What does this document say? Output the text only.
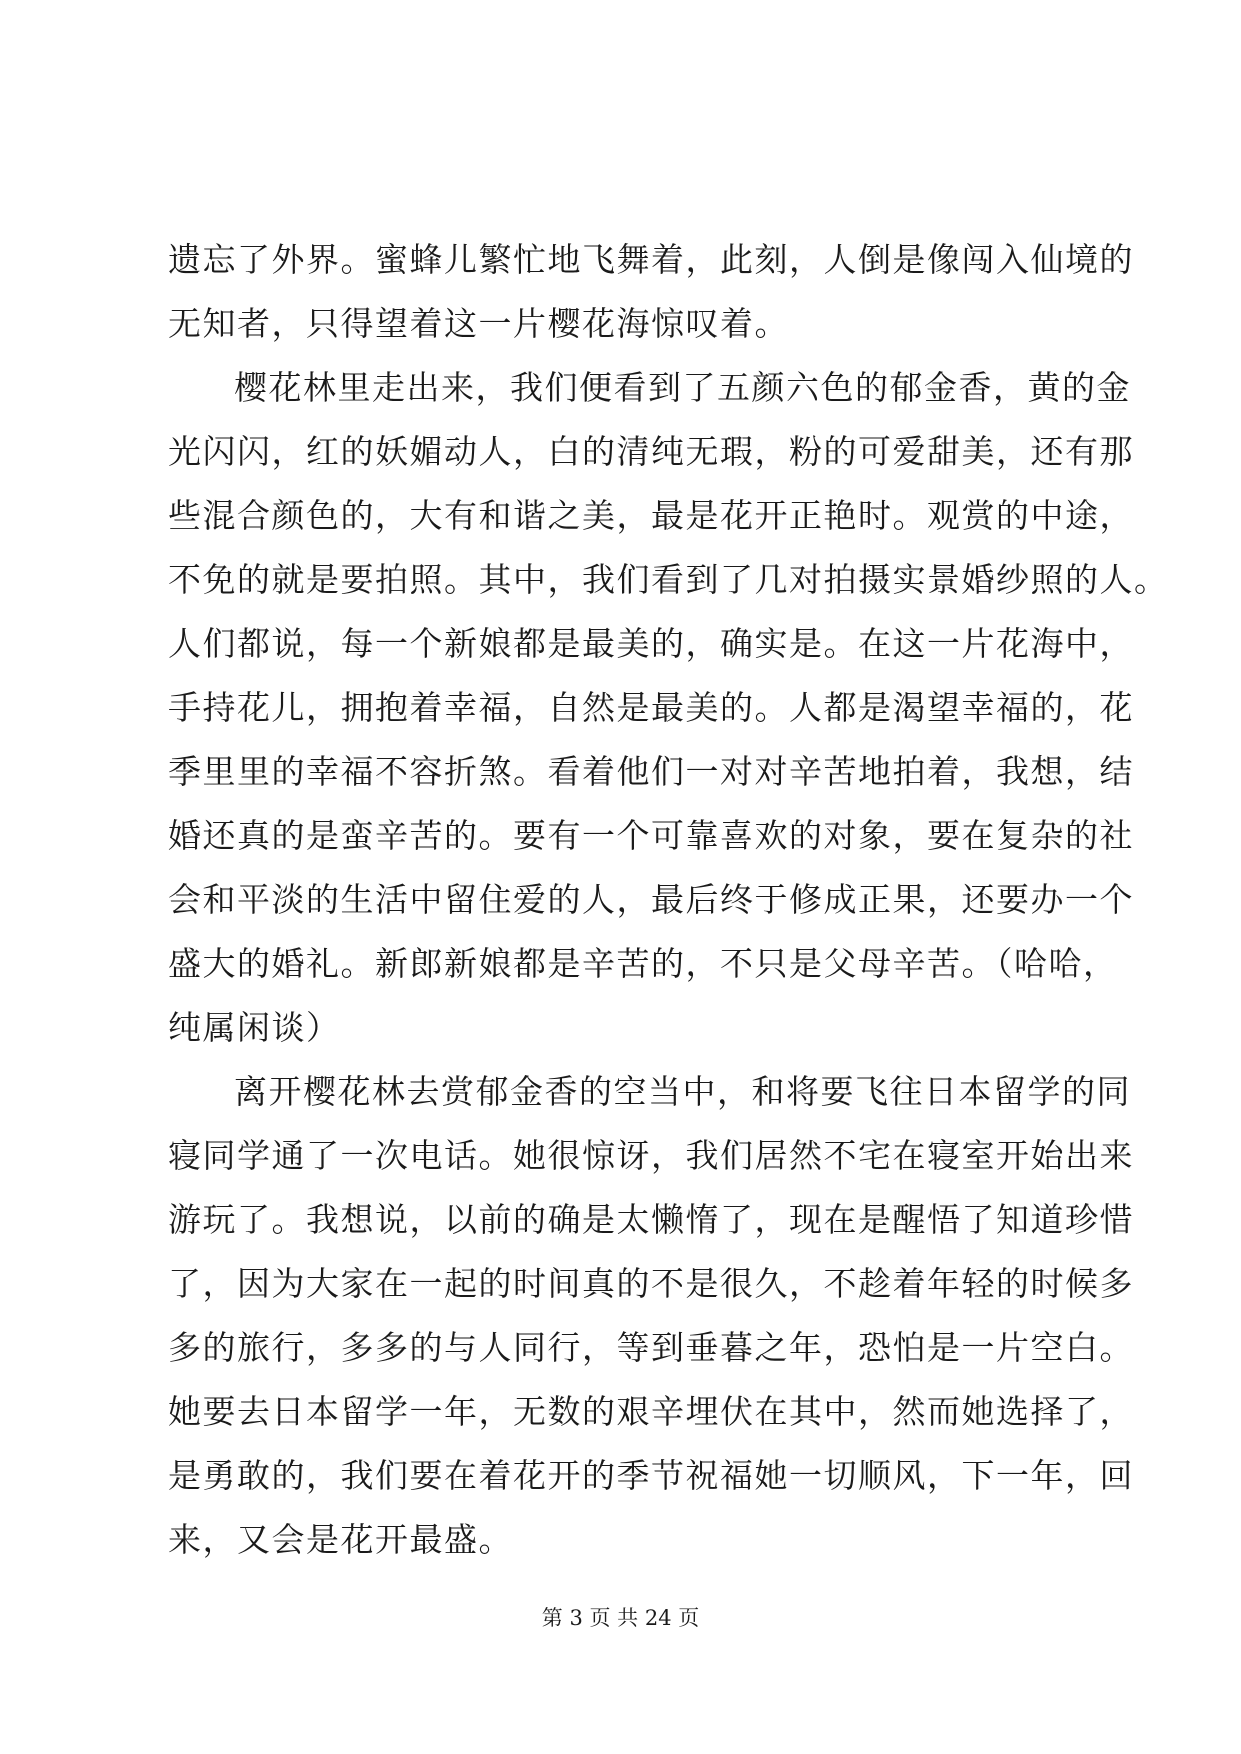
遗忘了外界。蜜蜂儿繁忙地飞舞着，此刻，人倒是像闯入仙境的
无知者，只得望着这一片樱花海惊叹着。
樱花林里走出来，我们便看到了五颜六色的郁金香，黄的金
光闪闪，红的妖媚动人，白的清纯无瑕，粉的可爱甜美，还有那
些混合颜色的，大有和谐之美，最是花开正艳时。观赏的中途，
不免的就是要拍照。其中，我们看到了几对拍摄实景婚纱照的人。
人们都说，每一个新娘都是最美的，确实是。在这一片花海中，
手持花儿，拥抱着幸福，自然是最美的。人都是渴望幸福的，花
季里里的幸福不容折煞。看着他们一对对辛苦地拍着，我想，结
婚还真的是蛮辛苦的。要有一个可靠喜欢的对象，要在复杂的社
会和平淡的生活中留住爱的人，最后终于修成正果，还要办一个
盛大的婚礼。新郎新娘都是辛苦的，不只是父母辛苦。（哈哈，
纯属闲谈）
离开樱花林去赏郁金香的空当中，和将要飞往日本留学的同
寝同学通了一次电话。她很惊讶，我们居然不宅在寝室开始出来
游玩了。我想说，以前的确是太懒惰了，现在是醒悟了知道珍惜
了，因为大家在一起的时间真的不是很久，不趁着年轻的时候多
多的旅行，多多的与人同行，等到垂暮之年，恐怕是一片空白。
她要去日本留学一年，无数的艰辛埋伏在其中，然而她选择了，
是勇敢的，我们要在着花开的季节祝福她一切顺风，下一年，回
来，又会是花开最盛。
第 3 页 共 24 页
